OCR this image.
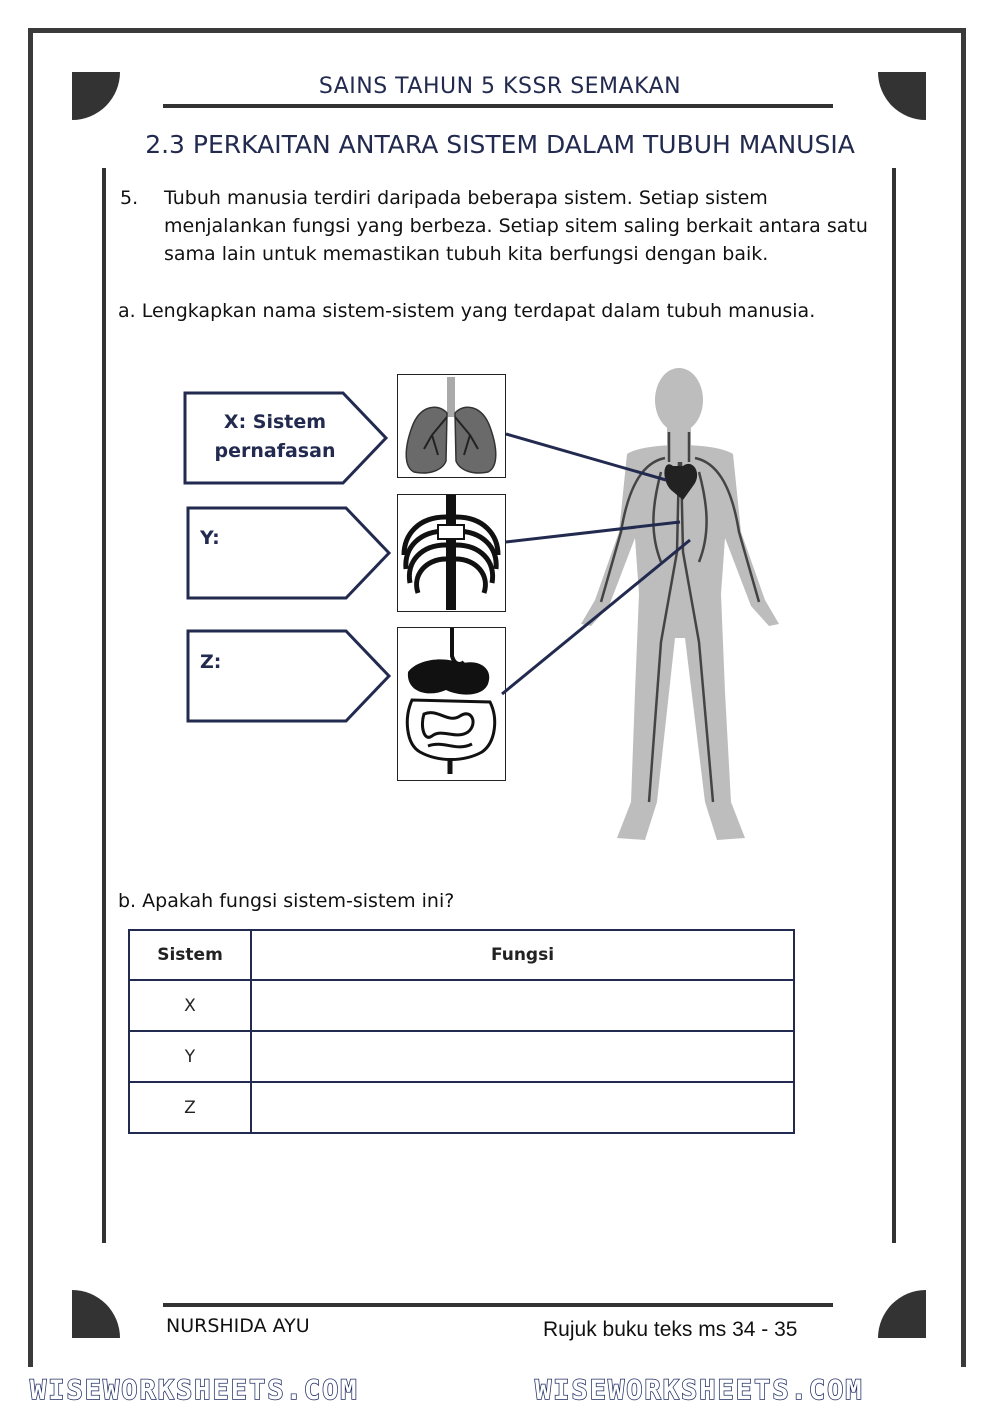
SAINS TAHUN 5 KSSR SEMAKAN
2.3 PERKAITAN ANTARA SISTEM DALAM TUBUH MANUSIA
5. Tubuh manusia terdiri daripada beberapa sistem. Setiap sistem
menjalankan fungsi yang berbeza. Setiap sitem saling berkait antara satu
sama lain untuk memastikan tubuh kita berfungsi dengan baik.
a. Lengkapkan nama sistem-sistem yang terdapat dalam tubuh manusia.
X: Sistem
pernafasan
Y:
Z:
b. Apakah fungsi sistem-sistem ini?
Sistem	Fungsi
X	
Y	
Z	
NURSHIDA AYU	Rujuk buku teks ms 34 - 35
WISEWORKSHEETS.COM	WISEWORKSHEETS.COM
